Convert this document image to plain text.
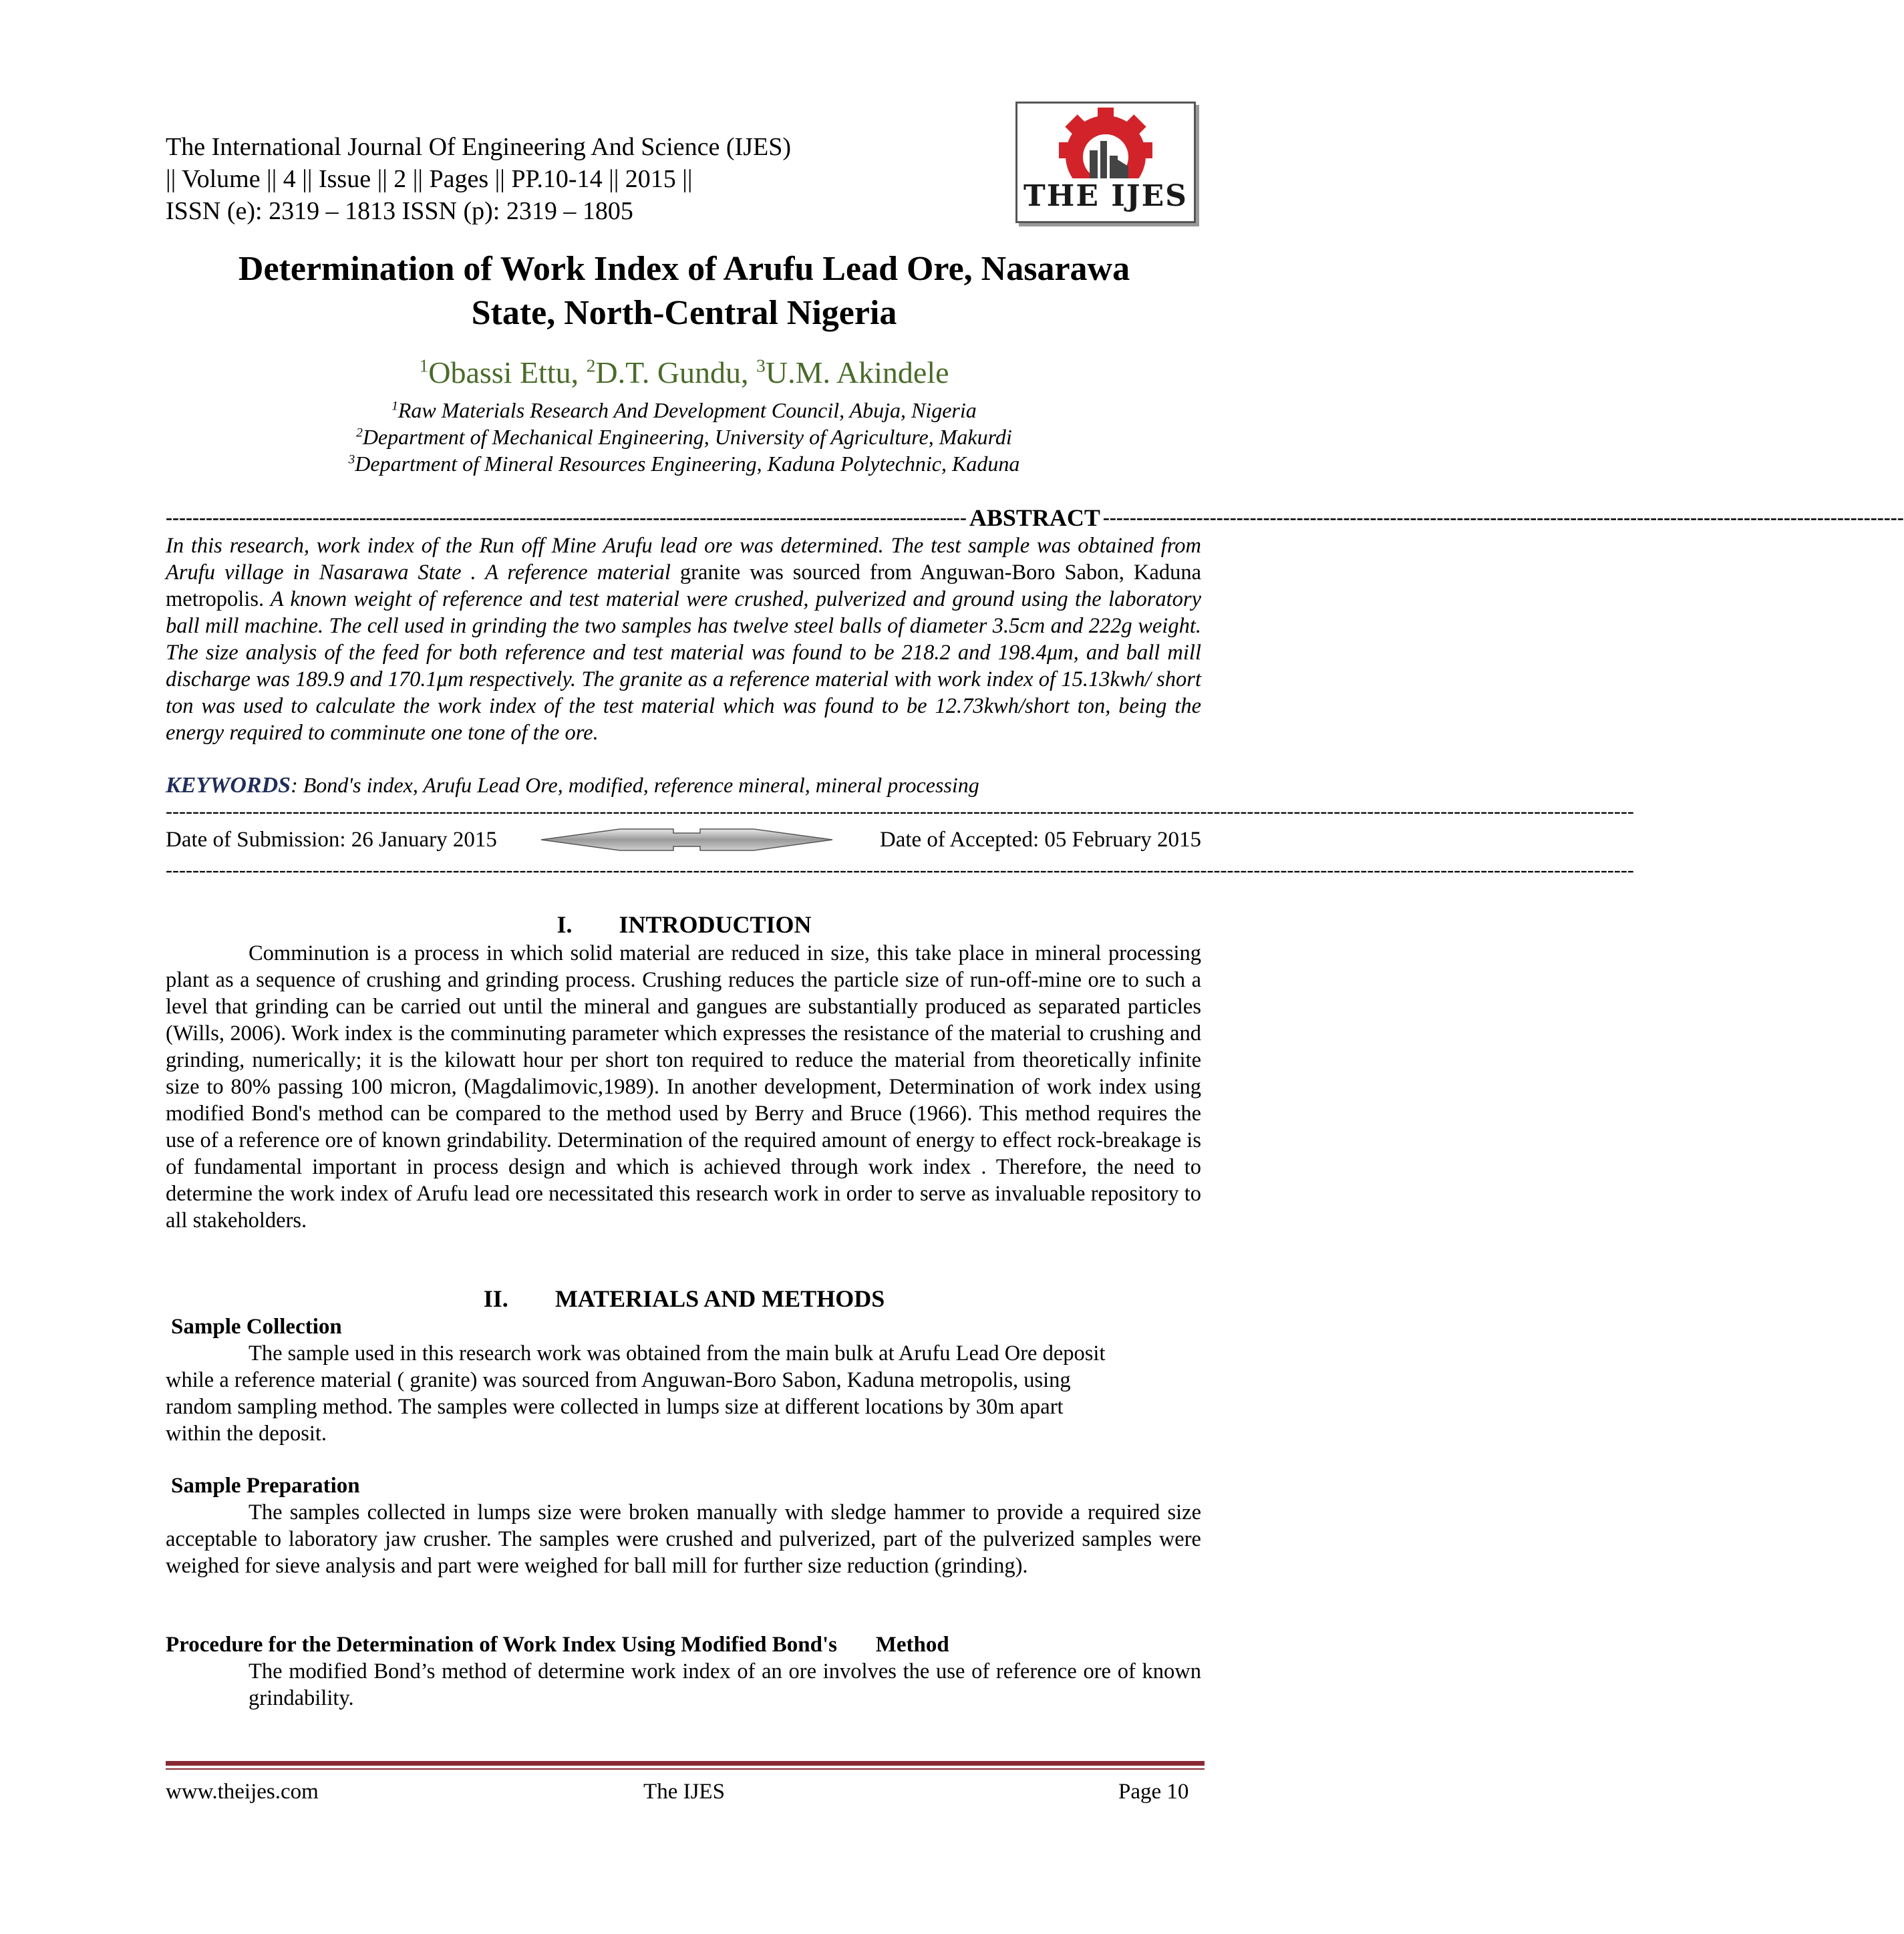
The International Journal Of Engineering And Science (IJES)
|| Volume || 4 || Issue || 2 || Pages || PP.10-14 || 2015 ||
ISSN (e): 2319 – 1813 ISSN (p): 2319 – 1805	THE IJES
Determination of Work Index of Arufu Lead Ore, Nasarawa
State, North-Central Nigeria
$^1$Obassi Ettu, $^2$D.T. Gundu, $^3$U.M. Akindele
$^1$Raw Materials Research And Development Council, Abuja, Nigeria
$^2$Department of Mechanical Engineering, University of Agriculture, Makurdi
$^3$Department of Mineral Resources Engineering, Kaduna Polytechnic, Kaduna
------------------------------------------------------------------------------------------------------------------------ ABSTRACT ------------------------------------------------------------------------------------------------------------------------
In this research, work index of the Run off Mine Arufu lead ore was determined. The test sample was obtained from Arufu village in Nasarawa State . A reference material granite was sourced from Anguwan-Boro Sabon, Kaduna metropolis. A known weight of reference and test material were crushed, pulverized and ground using the laboratory ball mill machine. The cell used in grinding the two samples has twelve steel balls of diameter 3.5cm and 222g weight. The size analysis of the feed for both reference and test material was found to be 218.2 and 198.4μm, and ball mill discharge was 189.9 and 170.1μm respectively. The granite as a reference material with work index of 15.13kwh/ short ton was used to calculate the work index of the test material which was found to be 12.73kwh/short ton, being the energy required to comminute one tone of the ore.
KEYWORDS: Bond's index, Arufu Lead Ore, modified, reference mineral, mineral processing
----------------------------------------------------------------------------------------------------------------------------------------------------------------------------------------------------------------------------
Date of Submission: 26 January 2015	Date of Accepted: 05 February 2015
----------------------------------------------------------------------------------------------------------------------------------------------------------------------------------------------------------------------------
I. INTRODUCTION
Comminution is a process in which solid material are reduced in size, this take place in mineral processing plant as a sequence of crushing and grinding process. Crushing reduces the particle size of run-off-mine ore to such a level that grinding can be carried out until the mineral and gangues are substantially produced as separated particles (Wills, 2006). Work index is the comminuting parameter which expresses the resistance of the material to crushing and grinding, numerically; it is the kilowatt hour per short ton required to reduce the material from theoretically infinite size to 80% passing 100 micron, (Magdalimovic,1989). In another development, Determination of work index using modified Bond's method can be compared to the method used by Berry and Bruce (1966). This method requires the use of a reference ore of known grindability. Determination of the required amount of energy to effect rock-breakage is of fundamental important in process design and which is achieved through work index . Therefore, the need to determine the work index of Arufu lead ore necessitated this research work in order to serve as invaluable repository to all stakeholders.
II. MATERIALS AND METHODS
Sample Collection
The sample used in this research work was obtained from the main bulk at Arufu Lead Ore deposit
while a reference material ( granite) was sourced from Anguwan-Boro Sabon, Kaduna metropolis, using
random sampling method. The samples were collected in lumps size at different locations by 30m apart
within the deposit.
Sample Preparation
The samples collected in lumps size were broken manually with sledge hammer to provide a required size acceptable to laboratory jaw crusher. The samples were crushed and pulverized, part of the pulverized samples were weighed for sieve analysis and part were weighed for ball mill for further size reduction (grinding).
Procedure for the Determination of Work Index Using Modified Bond's       Method
The modified Bond’s method of determine work index of an ore involves the use of reference ore of known grindability.
www.theijes.com	The IJES	Page 10
